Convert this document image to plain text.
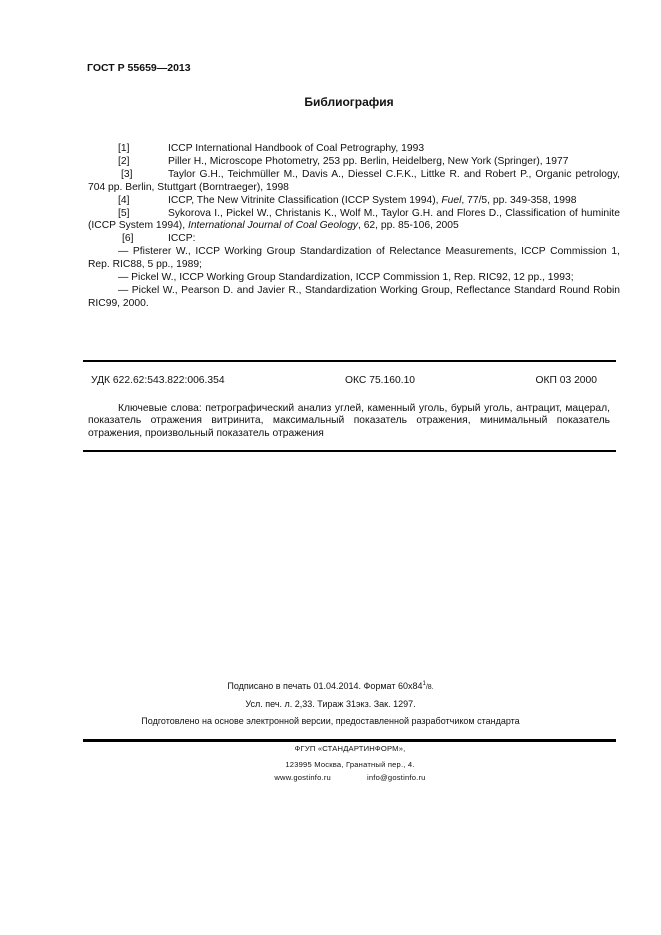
ГОСТ Р 55659—2013
Библиография
[1]	ICCP International Handbook of Coal Petrography, 1993
[2]	Piller H., Microscope Photometry, 253 pp. Berlin, Heidelberg, New York (Springer), 1977
[3]	Taylor G.H., Teichmüller M., Davis A., Diessel C.F.K., Littke R. and Robert P., Organic petrology, 704 pp. Berlin, Stuttgart (Borntraeger), 1998
[4]	ICCP, The New Vitrinite Classification (ICCP System 1994), Fuel, 77/5, pp. 349-358, 1998
[5]	Sykorova I., Pickel W., Christanis K., Wolf M., Taylor G.H. and Flores D., Classification of huminite (ICCP System 1994), International Journal of Coal Geology, 62, pp. 85-106, 2005
[6]	ICCP:
— Pfisterer W., ICCP Working Group Standardization of Relectance Measurements, ICCP Commission 1, Rep. RIC88, 5 pp., 1989;
— Pickel W., ICCP Working Group Standardization, ICCP Commission 1, Rep. RIC92, 12 pp., 1993;
— Pickel W., Pearson D. and Javier R., Standardization Working Group, Reflectance Standard Round Robin RIC99, 2000.
УДК 622.62:543.822:006.354	ОКС 75.160.10	ОКП 03 2000
Ключевые слова: петрографический анализ углей, каменный уголь, бурый уголь, антрацит, мацерал, показатель отражения витринита, максимальный показатель отражения, минимальный показатель отражения, произвольный показатель отражения
Подписано в печать 01.04.2014. Формат $60х84^1/8$.
Усл. печ. л. 2,33. Тираж 31экз. Зак. 1297.
Подготовлено на основе электронной версии, предоставленной разработчиком стандарта
ФГУП «СТАНДАРТИНФОРМ»,
123995 Москва, Гранатный пер., 4.
www.gostinfo.ru	info@gostinfo.ru
